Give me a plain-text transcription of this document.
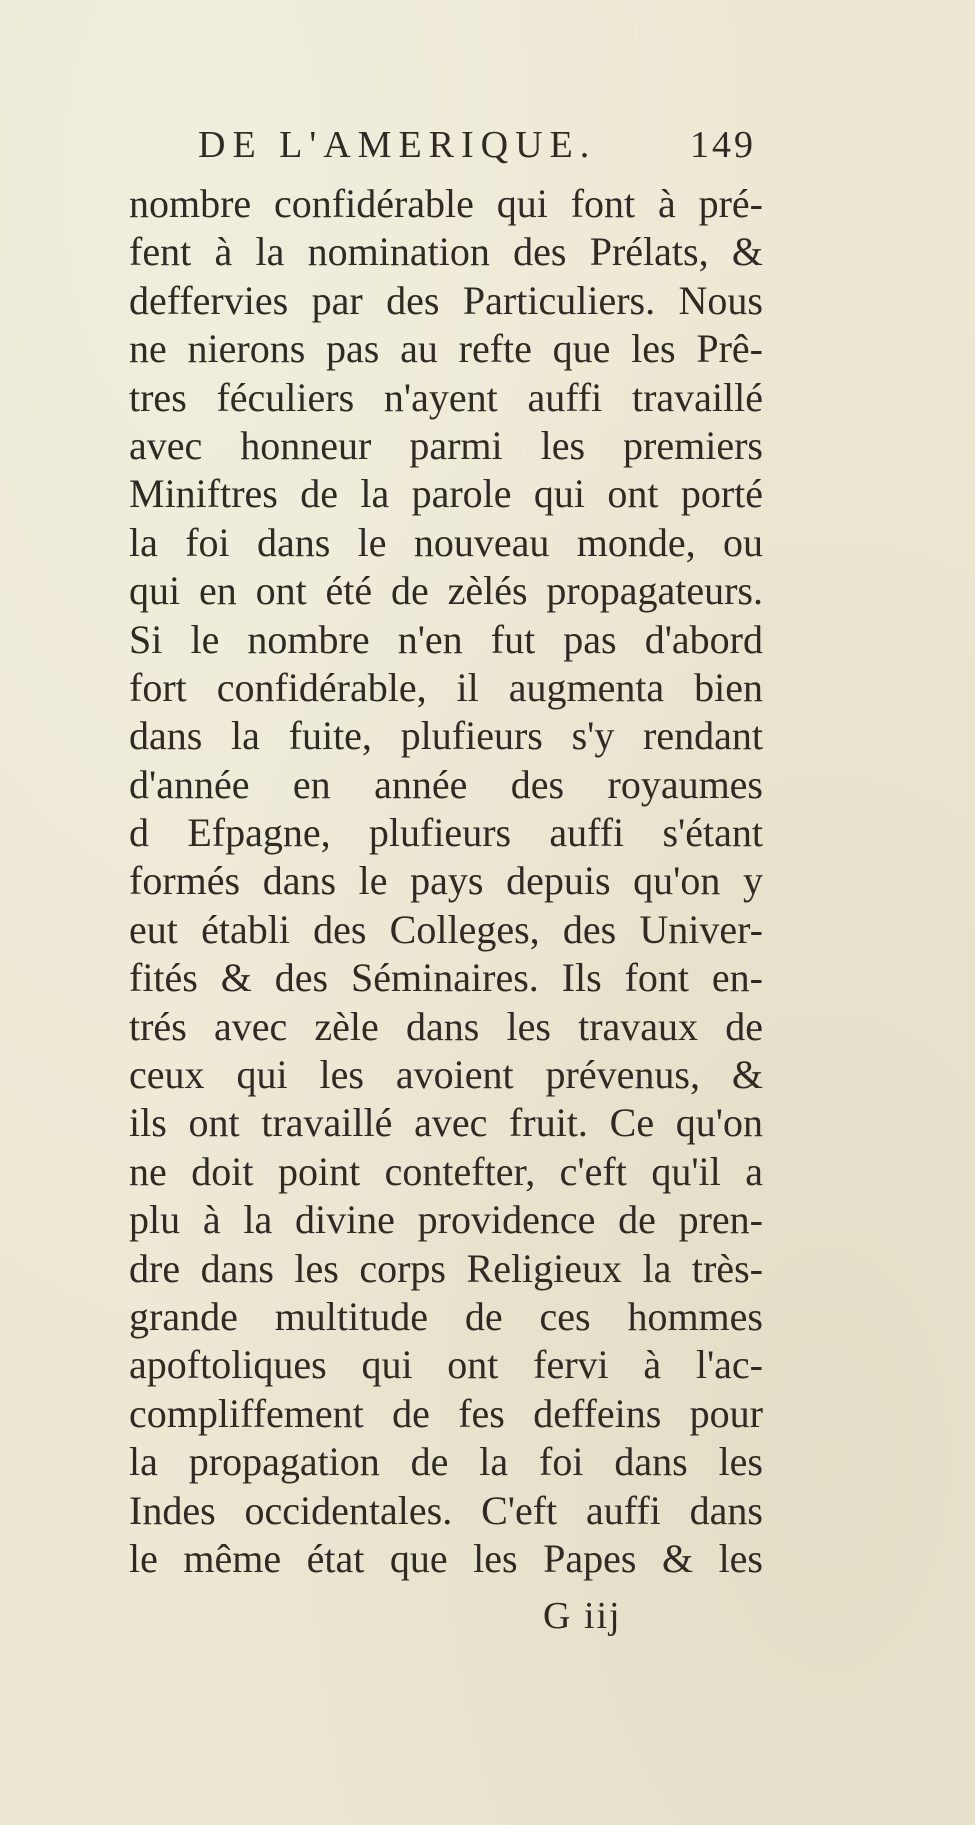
DE L'AMERIQUE. 149
nombre confidérable qui font à pré-
fent à la nomination des Prélats, &
deffervies par des Particuliers. Nous
ne nierons pas au refte que les Prê-
tres féculiers n'ayent auffi travaillé
avec honneur parmi les premiers
Miniftres de la parole qui ont porté
la foi dans le nouveau monde, ou
qui en ont été de zèlés propagateurs.
Si le nombre n'en fut pas d'abord
fort confidérable, il augmenta bien
dans la fuite, plufieurs s'y rendant
d'année en année des royaumes
d Efpagne, plufieurs auffi s'étant
formés dans le pays depuis qu'on y
eut établi des Colleges, des Univer-
fités & des Séminaires. Ils font en-
trés avec zèle dans les travaux de
ceux qui les avoient prévenus, &
ils ont travaillé avec fruit. Ce qu'on
ne doit point contefter, c'eft qu'il a
plu à la divine providence de pren-
dre dans les corps Religieux la très-
grande multitude de ces hommes
apoftoliques qui ont fervi à l'ac-
compliffement de fes deffeins pour
la propagation de la foi dans les
Indes occidentales. C'eft auffi dans
le même état que les Papes & les
G iij
